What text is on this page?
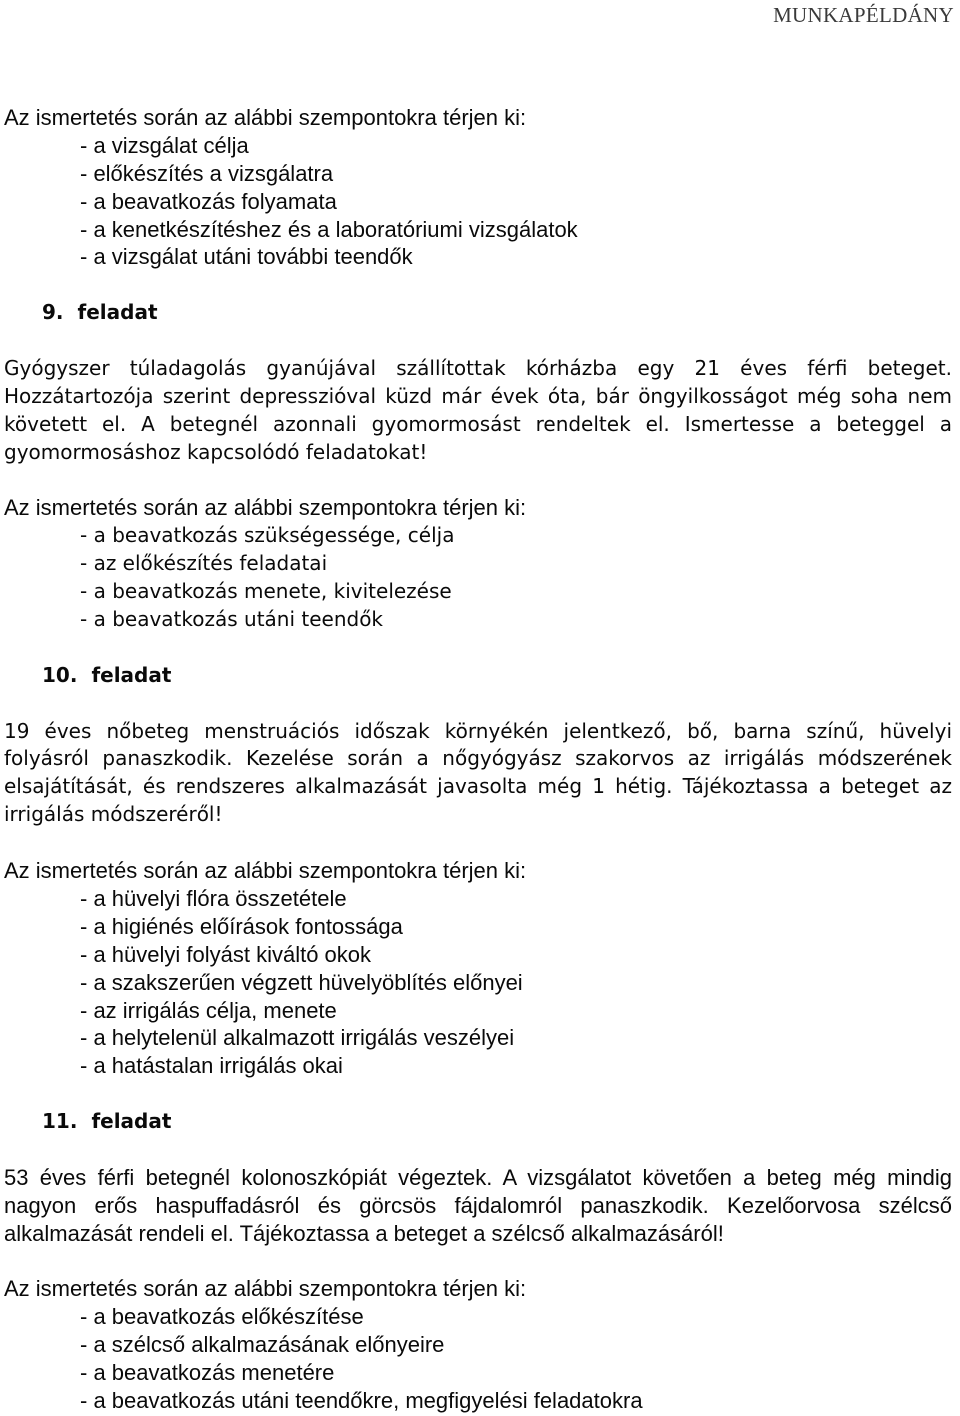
MUNKAPÉLDÁNY
Az ismertetés során az alábbi szempontokra térjen ki:
- a vizsgálat célja
- előkészítés a vizsgálatra
- a beavatkozás folyamata
- a kenetkészítéshez és a laboratóriumi vizsgálatok
- a vizsgálat utáni további teendők
9. feladat
Gyógyszer túladagolás gyanújával szállítottak kórházba egy 21 éves férfi beteget.
Hozzátartozója szerint depresszióval küzd már évek óta, bár öngyilkosságot még soha nem
követett el. A betegnél azonnali gyomormosást rendeltek el. Ismertesse a beteggel a
gyomormosáshoz kapcsolódó feladatokat!
Az ismertetés során az alábbi szempontokra térjen ki:
- a beavatkozás szükségessége, célja
- az előkészítés feladatai
- a beavatkozás menete, kivitelezése
- a beavatkozás utáni teendők
10. feladat
19 éves nőbeteg menstruációs időszak környékén jelentkező, bő, barna színű, hüvelyi
folyásról panaszkodik. Kezelése során a nőgyógyász szakorvos az irrigálás módszerének
elsajátítását, és rendszeres alkalmazását javasolta még 1 hétig. Tájékoztassa a beteget az
irrigálás módszeréről!
Az ismertetés során az alábbi szempontokra térjen ki:
- a hüvelyi flóra összetétele
- a higiénés előírások fontossága
- a hüvelyi folyást kiváltó okok
- a szakszerűen végzett hüvelyöblítés előnyei
- az irrigálás célja, menete
- a helytelenül alkalmazott irrigálás veszélyei
- a hatástalan irrigálás okai
11. feladat
53 éves férfi betegnél kolonoszkópiát végeztek. A vizsgálatot követően a beteg még mindig
nagyon erős haspuffadásról és görcsös fájdalomról panaszkodik. Kezelőorvosa szélcső
alkalmazását rendeli el. Tájékoztassa a beteget a szélcső alkalmazásáról!
Az ismertetés során az alábbi szempontokra térjen ki:
- a beavatkozás előkészítése
- a szélcső alkalmazásának előnyeire
- a beavatkozás menetére
- a beavatkozás utáni teendőkre, megfigyelési feladatokra
